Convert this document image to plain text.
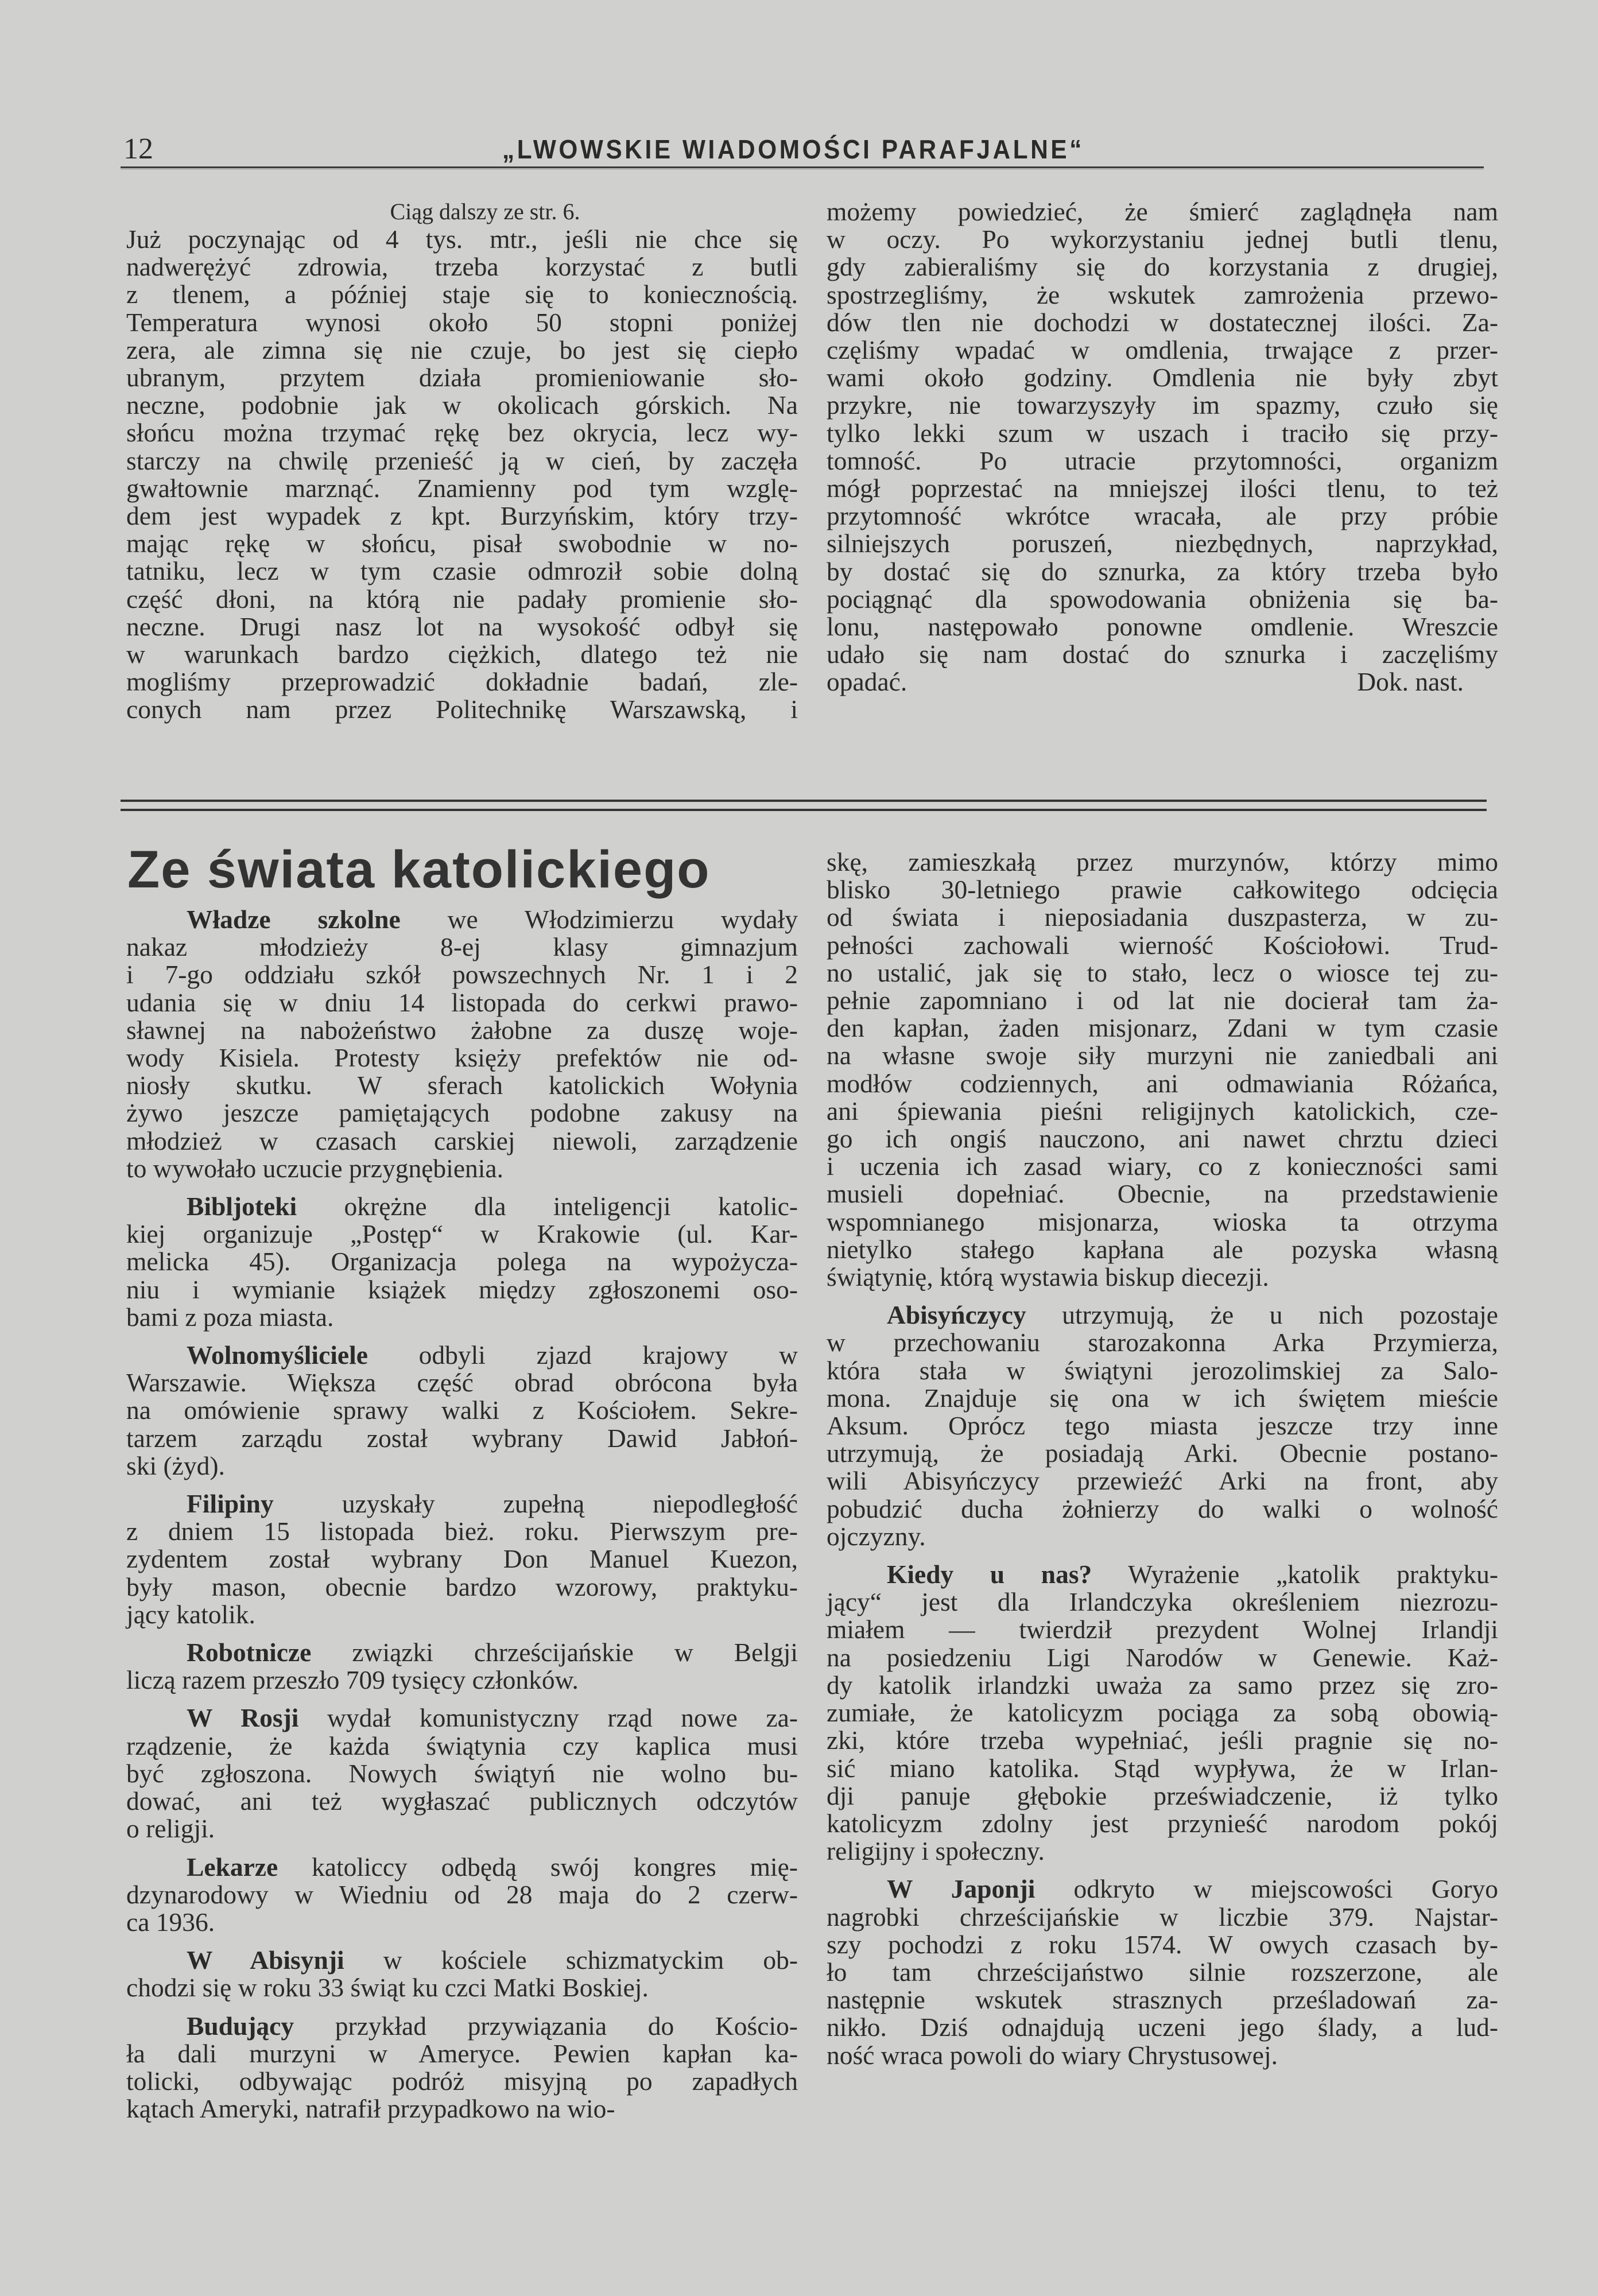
12	„LWOWSKIE WIADOMOŚCI PARAFJALNE“
Ciąg dalszy ze str. 6.
Już poczynając od 4 tys. mtr., jeśli nie chce się
nadwerężyć zdrowia, trzeba korzystać z butli
z tlenem, a później staje się to koniecznością.
Temperatura wynosi około 50 stopni poniżej
zera, ale zimna się nie czuje, bo jest się ciepło
ubranym, przytem działa promieniowanie sło-
neczne, podobnie jak w okolicach górskich. Na
słońcu można trzymać rękę bez okrycia, lecz wy-
starczy na chwilę przenieść ją w cień, by zaczęła
gwałtownie marznąć. Znamienny pod tym wzglę-
dem jest wypadek z kpt. Burzyńskim, który trzy-
mając rękę w słońcu, pisał swobodnie w no-
tatniku, lecz w tym czasie odmroził sobie dolną
część dłoni, na którą nie padały promienie sło-
neczne. Drugi nasz lot na wysokość odbył się
w warunkach bardzo ciężkich, dlatego też nie
mogliśmy przeprowadzić dokładnie badań, zle-
conych nam przez Politechnikę Warszawską, i
możemy powiedzieć, że śmierć zaglądnęła nam
w oczy. Po wykorzystaniu jednej butli tlenu,
gdy zabieraliśmy się do korzystania z drugiej,
spostrzegliśmy, że wskutek zamrożenia przewo-
dów tlen nie dochodzi w dostatecznej ilości. Za-
częliśmy wpadać w omdlenia, trwające z przer-
wami około godziny. Omdlenia nie były zbyt
przykre, nie towarzyszyły im spazmy, czuło się
tylko lekki szum w uszach i traciło się przy-
tomność. Po utracie przytomności, organizm
mógł poprzestać na mniejszej ilości tlenu, to też
przytomność wkrótce wracała, ale przy próbie
silniejszych poruszeń, niezbędnych, naprzykład,
by dostać się do sznurka, za który trzeba było
pociągnąć dla spowodowania obniżenia się ba-
lonu, następowało ponowne omdlenie. Wreszcie
udało się nam dostać do sznurka i zaczęliśmy
opadać.	Dok. nast.
Ze świata katolickiego
Władze szkolne we Włodzimierzu wydały
nakaz młodzieży 8-ej klasy gimnazjum
i 7-go oddziału szkół powszechnych Nr. 1 i 2
udania się w dniu 14 listopada do cerkwi prawo-
sławnej na nabożeństwo żałobne za duszę woje-
wody Kisiela. Protesty księży prefektów nie od-
niosły skutku. W sferach katolickich Wołynia
żywo jeszcze pamiętających podobne zakusy na
młodzież w czasach carskiej niewoli, zarządzenie
to wywołało uczucie przygnębienia.
Bibljoteki okrężne dla inteligencji katolic-
kiej organizuje „Postęp“ w Krakowie (ul. Kar-
melicka 45). Organizacja polega na wypożycza-
niu i wymianie książek między zgłoszonemi oso-
bami z poza miasta.
Wolnomyśliciele odbyli zjazd krajowy w
Warszawie. Większa część obrad obrócona była
na omówienie sprawy walki z Kościołem. Sekre-
tarzem zarządu został wybrany Dawid Jabłoń-
ski (żyd).
Filipiny uzyskały zupełną niepodległość
z dniem 15 listopada bież. roku. Pierwszym pre-
zydentem został wybrany Don Manuel Kuezon,
były mason, obecnie bardzo wzorowy, praktyku-
jący katolik.
Robotnicze związki chrześcijańskie w Belgji
liczą razem przeszło 709 tysięcy członków.
W Rosji wydał komunistyczny rząd nowe za-
rządzenie, że każda świątynia czy kaplica musi
być zgłoszona. Nowych świątyń nie wolno bu-
dować, ani też wygłaszać publicznych odczytów
o religji.
Lekarze katoliccy odbędą swój kongres mię-
dzynarodowy w Wiedniu od 28 maja do 2 czerw-
ca 1936.
W Abisynji w kościele schizmatyckim ob-
chodzi się w roku 33 świąt ku czci Matki Boskiej.
Budujący przykład przywiązania do Kościo-
ła dali murzyni w Ameryce. Pewien kapłan ka-
tolicki, odbywając podróż misyjną po zapadłych
kątach Ameryki, natrafił przypadkowo na wio-
skę, zamieszkałą przez murzynów, którzy mimo
blisko 30-letniego prawie całkowitego odcięcia
od świata i nieposiadania duszpasterza, w zu-
pełności zachowali wierność Kościołowi. Trud-
no ustalić, jak się to stało, lecz o wiosce tej zu-
pełnie zapomniano i od lat nie docierał tam ża-
den kapłan, żaden misjonarz, Zdani w tym czasie
na własne swoje siły murzyni nie zaniedbali ani
modłów codziennych, ani odmawiania Różańca,
ani śpiewania pieśni religijnych katolickich, cze-
go ich ongiś nauczono, ani nawet chrztu dzieci
i uczenia ich zasad wiary, co z konieczności sami
musieli dopełniać. Obecnie, na przedstawienie
wspomnianego misjonarza, wioska ta otrzyma
nietylko stałego kapłana ale pozyska własną
świątynię, którą wystawia biskup diecezji.
Abisyńczycy utrzymują, że u nich pozostaje
w przechowaniu starozakonna Arka Przymierza,
która stała w świątyni jerozolimskiej za Salo-
mona. Znajduje się ona w ich świętem mieście
Aksum. Oprócz tego miasta jeszcze trzy inne
utrzymują, że posiadają Arki. Obecnie postano-
wili Abisyńczycy przewieźć Arki na front, aby
pobudzić ducha żołnierzy do walki o wolność
ojczyzny.
Kiedy u nas? Wyrażenie „katolik praktyku-
jący“ jest dla Irlandczyka określeniem niezrozu-
miałem — twierdził prezydent Wolnej Irlandji
na posiedzeniu Ligi Narodów w Genewie. Każ-
dy katolik irlandzki uważa za samo przez się zro-
zumiałe, że katolicyzm pociąga za sobą obowią-
zki, które trzeba wypełniać, jeśli pragnie się no-
sić miano katolika. Stąd wypływa, że w Irlan-
dji panuje głębokie przeświadczenie, iż tylko
katolicyzm zdolny jest przynieść narodom pokój
religijny i społeczny.
W Japonji odkryto w miejscowości Goryo
nagrobki chrześcijańskie w liczbie 379. Najstar-
szy pochodzi z roku 1574. W owych czasach by-
ło tam chrześcijaństwo silnie rozszerzone, ale
następnie wskutek strasznych prześladowań za-
nikło. Dziś odnajdują uczeni jego ślady, a lud-
ność wraca powoli do wiary Chrystusowej.
